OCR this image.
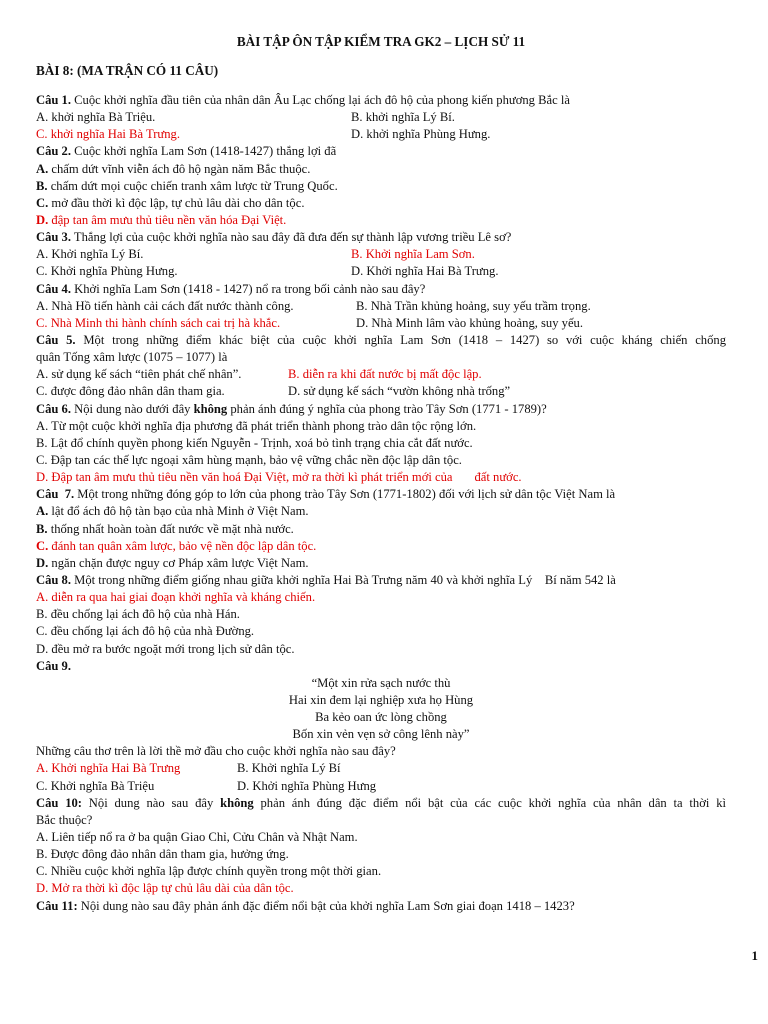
BÀI TẬP ÔN TẬP KIỂM TRA GK2 – LỊCH SỬ 11
BÀI 8: (MA TRẬN CÓ 11 CÂU)
Câu 1. Cuộc khởi nghĩa đầu tiên của nhân dân Âu Lạc chống lại ách đô hộ của phong kiến phương Bắc là
A. khởi nghĩa Bà Triệu.	B. khởi nghĩa Lý Bí.
C. khởi nghĩa Hai Bà Trưng.	D. khởi nghĩa Phùng Hưng.
Câu 2. Cuộc khởi nghĩa Lam Sơn (1418-1427) thắng lợi đã
A. chấm dứt vĩnh viễn ách đô hộ ngàn năm Bắc thuộc.
B. chấm dứt mọi cuộc chiến tranh xâm lược từ Trung Quốc.
C. mở đầu thời kì độc lập, tự chủ lâu dài cho dân tộc.
D. đập tan âm mưu thủ tiêu nền văn hóa Đại Việt.
Câu 3. Thắng lợi của cuộc khởi nghĩa nào sau đây đã đưa đến sự thành lập vương triều Lê sơ?
A. Khởi nghĩa Lý Bí.	B. Khởi nghĩa Lam Sơn.
C. Khởi nghĩa Phùng Hưng.	D. Khởi nghĩa Hai Bà Trưng.
Câu 4. Khởi nghĩa Lam Sơn (1418 - 1427) nổ ra trong bối cảnh nào sau đây?
A. Nhà Hồ tiến hành cải cách đất nước thành công.	B. Nhà Trần khủng hoảng, suy yếu trầm trọng.
C. Nhà Minh thi hành chính sách cai trị hà khắc.	D. Nhà Minh lâm vào khủng hoảng, suy yếu.
Câu 5. Một trong những điểm khác biệt của cuộc khởi nghĩa Lam Sơn (1418 – 1427) so với cuộc kháng chiến chống
quân Tống xâm lược (1075 – 1077) là
A. sử dụng kế sách “tiên phát chế nhân”.	B. diễn ra khi đất nước bị mất độc lập.
C. được đông đảo nhân dân tham gia.	D. sử dụng kế sách “vườn không nhà trống”
Câu 6. Nội dung nào dưới đây không phản ánh đúng ý nghĩa của phong trào Tây Sơn (1771 - 1789)?
A. Từ một cuộc khởi nghĩa địa phương đã phát triển thành phong trào dân tộc rộng lớn.
B. Lật đổ chính quyền phong kiến Nguyễn - Trịnh, xoá bỏ tình trạng chia cắt đất nước.
C. Đập tan các thế lực ngoại xâm hùng mạnh, bảo vệ vững chắc nền độc lập dân tộc.
D. Đập tan âm mưu thủ tiêu nền văn hoá Đại Việt, mở ra thời kì phát triển mới của       đất nước.
Câu  7. Một trong những đóng góp to lớn của phong trào Tây Sơn (1771-1802) đối với lịch sử dân tộc Việt Nam là
A. lật đổ ách đô hộ tàn bạo của nhà Minh ở Việt Nam.
B. thống nhất hoàn toàn đất nước về mặt nhà nước.
C. đánh tan quân xâm lược, bảo vệ nền độc lập dân tộc.
D. ngăn chặn được nguy cơ Pháp xâm lược Việt Nam.
Câu 8. Một trong những điểm giống nhau giữa khởi nghĩa Hai Bà Trưng năm 40 và khởi nghĩa Lý    Bí năm 542 là
A. diễn ra qua hai giai đoạn khởi nghĩa và kháng chiến.
B. đều chống lại ách đô hộ của nhà Hán.
C. đều chống lại ách đô hộ của nhà Đường.
D. đều mở ra bước ngoặt mới trong lịch sử dân tộc.
Câu 9.
“Một xin rửa sạch nước thù
Hai xin đem lại nghiệp xưa họ Hùng
Ba kẻo oan ức lòng chồng
Bốn xin vẻn vẹn sở công lênh này”
Những câu thơ trên là lời thề mở đầu cho cuộc khởi nghĩa nào sau đây?
A. Khởi nghĩa Hai Bà Trưng	B. Khởi nghĩa Lý Bí
C. Khởi nghĩa Bà Triệu	D. Khởi nghĩa Phùng Hưng
Câu 10: Nội dung nào sau đây không phản ánh đúng đặc điểm nổi bật của các cuộc khởi nghĩa của nhân dân ta thời kì
Bắc thuộc?
A. Liên tiếp nổ ra ở ba quận Giao Chỉ, Cửu Chân và Nhật Nam.
B. Được đông đảo nhân dân tham gia, hưởng ứng.
C. Nhiều cuộc khởi nghĩa lập được chính quyền trong một thời gian.
D. Mở ra thời kì độc lập tự chủ lâu dài của dân tộc.
Câu 11: Nội dung nào sau đây phản ánh đặc điểm nổi bật của khởi nghĩa Lam Sơn giai đoạn 1418 – 1423?
1
